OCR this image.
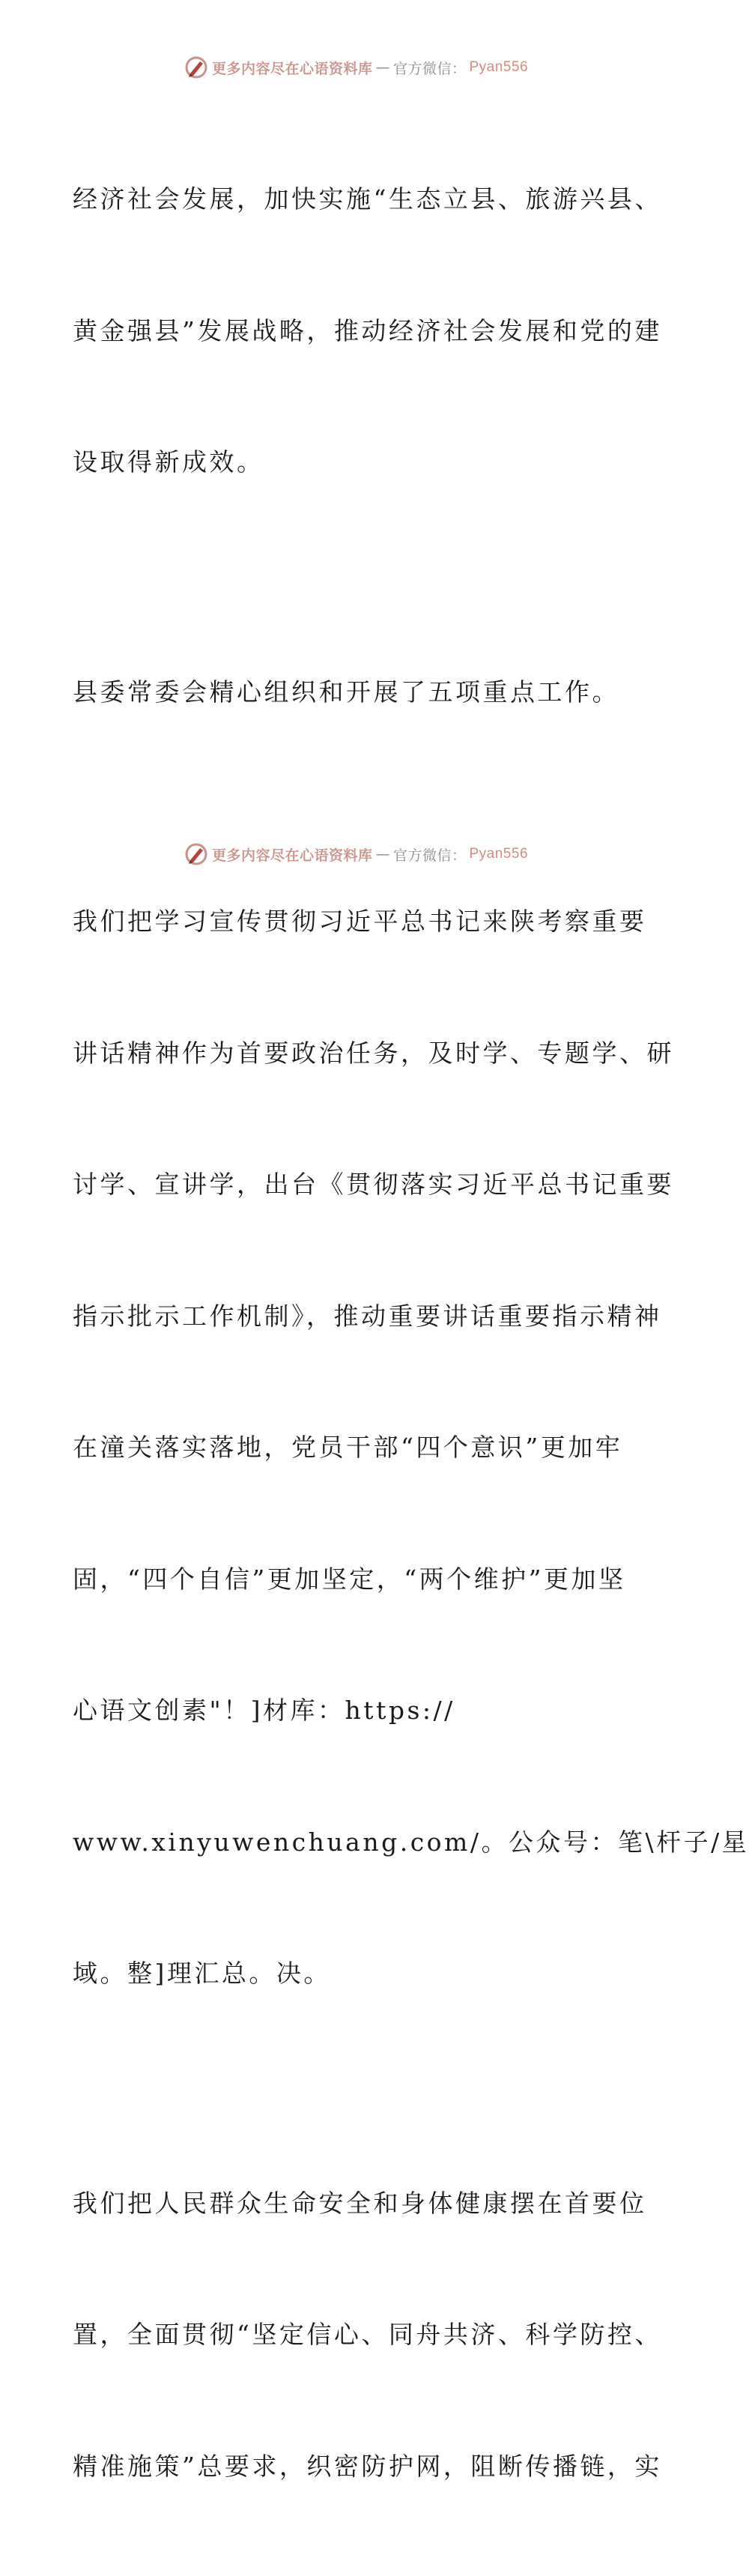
更多内容尽在心语资料库 — 官方微信： Pyan556

经济社会发展，加快实施“生态立县、旅游兴县、

黄金强县”发展战略，推动经济社会发展和党的建

设取得新成效。

县委常委会精心组织和开展了五项重点工作。

我们把学习宣传贯彻习近平总书记来陕考察重要

讲话精神作为首要政治任务，及时学、专题学、研

讨学、宣讲学，出台《贯彻落实习近平总书记重要

指示批示工作机制》，推动重要讲话重要指示精神

在潼关落实落地，党员干部“四个意识”更加牢

固，“四个自信”更加坚定，“两个维护”更加坚

心语文创素"！]材库：https://

www.xinyuwenchuang.com/。公众号：笔\杆子/星

域。整]理汇总。决。

我们把人民群众生命安全和身体健康摆在首要位

置，全面贯彻“坚定信心、同舟共济、科学防控、

精准施策”总要求，织密防护网，阻断传播链，实

更多内容尽在心语资料库 — 官方微信： Pyan556
